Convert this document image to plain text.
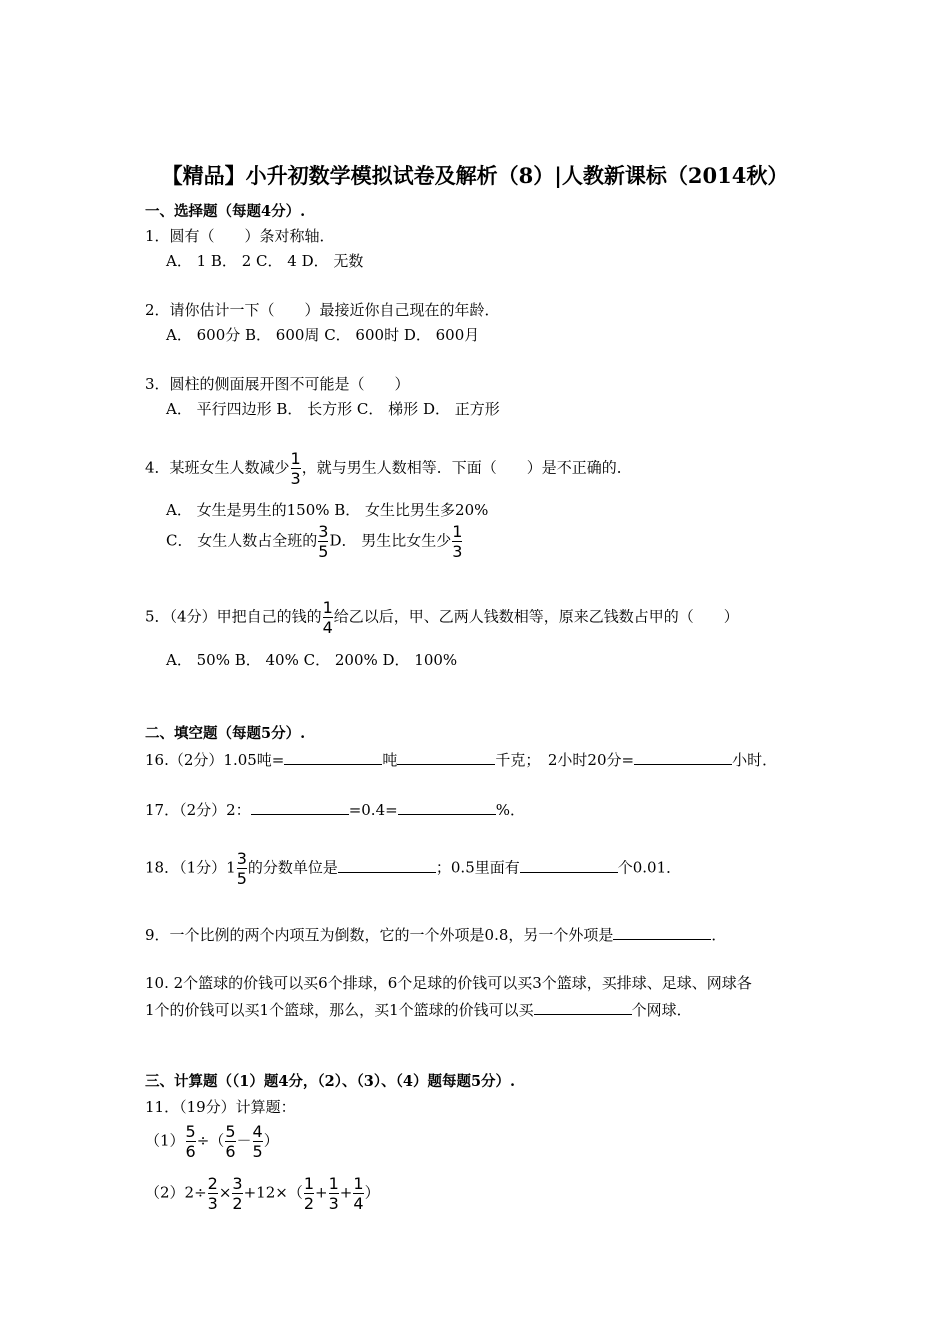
【精品】小升初数学模拟试卷及解析（8）|人教新课标（2014秋）
一、选择题（每题4分）.
1．圆有（　　）条对称轴．
A． 1 B． 2 C． 4 D． 无数
2．请你估计一下（　　）最接近你自己现在的年龄．
A． 600分 B． 600周 C． 600时 D． 600月
3．圆柱的侧面展开图不可能是（　　）
A． 平行四边形 B． 长方形 C． 梯形 D． 正方形
4．某班女生人数减少 $\frac{1}{3}$ ，就与男生人数相等．下面（　　）是不正确的．
A． 女生是男生的150% B． 女生比男生多20%
C． 女生人数占全班的 $\frac{3}{5}$ D． 男生比女生少 $\frac{1}{3}$
5．（4分）甲把自己的钱的 $\frac{1}{4}$ 给乙以后，甲、乙两人钱数相等，原来乙钱数占甲的（　　）
A． 50% B． 40% C． 200% D． 100%
二、填空题（每题5分）.
16.（2分）1.05吨=	吨	千克；　2小时20分=	小时．
17．（2分）2：	=0.4=	%．
18．（1分）$1 \frac{3}{5}$ 的分数单位是	；0.5里面有	个0.01．
9．一个比例的两个内项互为倒数，它的一个外项是0.8，另一个外项是	．
10. 2个篮球的价钱可以买6个排球，6个足球的价钱可以买3个篮球，买排球、足球、网球各
1个的价钱可以买1个篮球，那么，买1个篮球的价钱可以买	个网球．
三、计算题（（1）题4分，（2）、（3）、（4）题每题5分）.
11．（19分）计算题：
$(1) \frac{5}{6}$ ÷（ $\frac{5}{6} - \frac{4}{5}$ ）
$(2)2\div \frac{2}{3} \times \frac{3}{2} +12\times( \frac{1}{2} + \frac{1}{3} + \frac{1}{4}$ ）
